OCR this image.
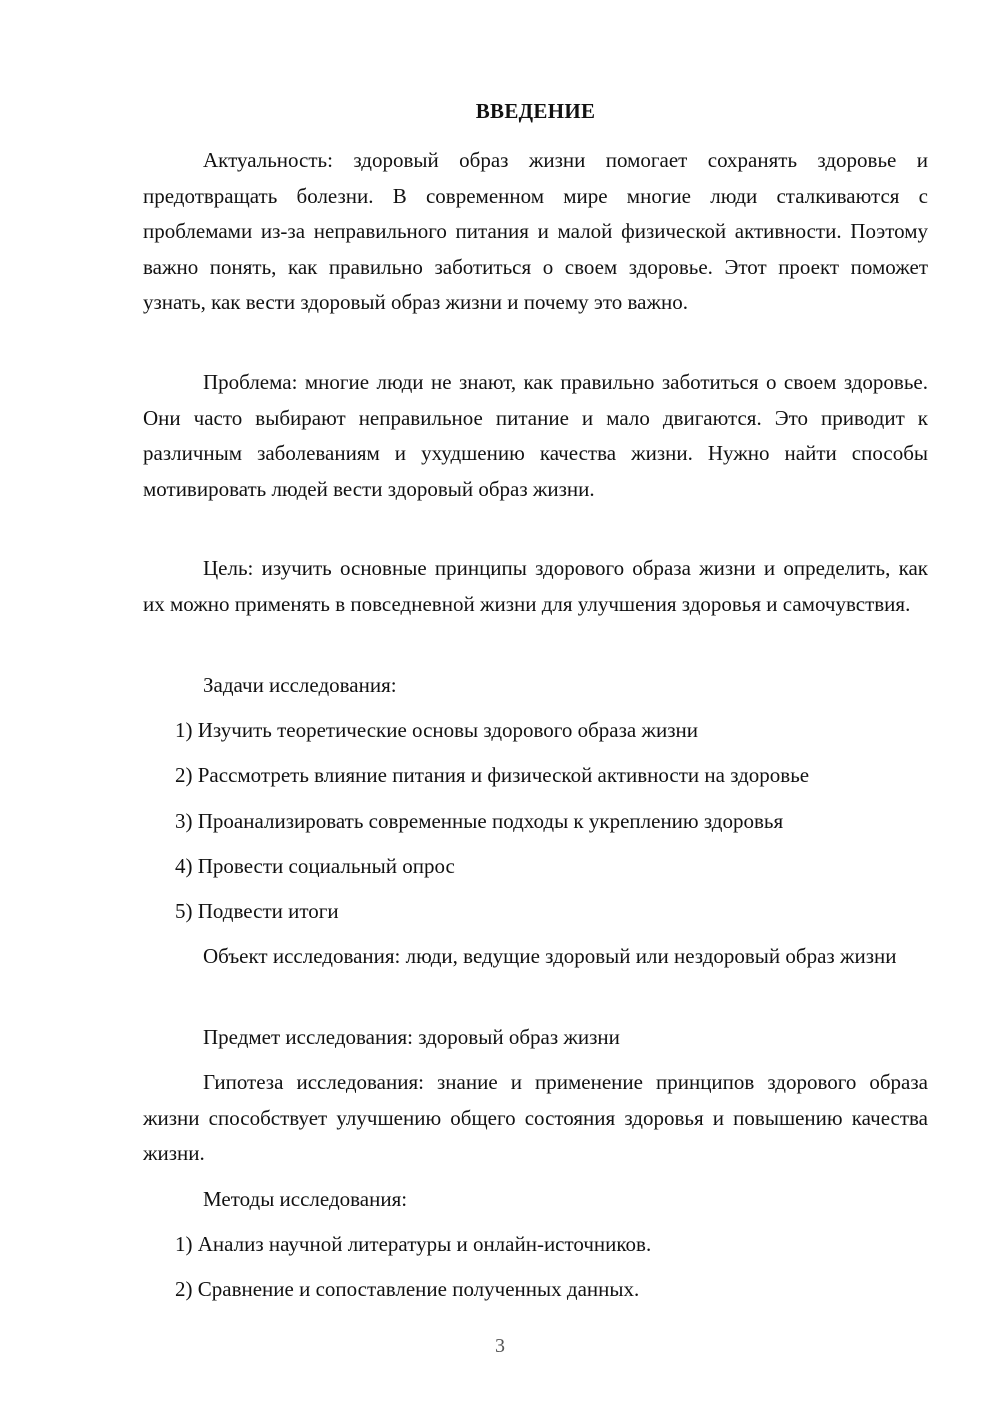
ВВЕДЕНИЕ

Актуальность: здоровый образ жизни помогает сохранять здоровье и предотвращать болезни. В современном мире многие люди сталкиваются с проблемами из-за неправильного питания и малой физической активности. Поэтому важно понять, как правильно заботиться о своем здоровье. Этот проект поможет узнать, как вести здоровый образ жизни и почему это важно.

Проблема: многие люди не знают, как правильно заботиться о своем здоровье. Они часто выбирают неправильное питание и мало двигаются. Это приводит к различным заболеваниям и ухудшению качества жизни. Нужно найти способы мотивировать людей вести здоровый образ жизни.

Цель: изучить основные принципы здорового образа жизни и определить, как их можно применять в повседневной жизни для улучшения здоровья и самочувствия.

Задачи исследования:

1) Изучить теоретические основы здорового образа жизни

2) Рассмотреть влияние питания и физической активности на здоровье

3) Проанализировать современные подходы к укреплению здоровья

4) Провести социальный опрос

5) Подвести итоги

Объект исследования: люди, ведущие здоровый или нездоровый образ жизни

Предмет исследования: здоровый образ жизни

Гипотеза исследования: знание и применение принципов здорового образа жизни способствует улучшению общего состояния здоровья и повышению качества жизни.

Методы исследования:

1) Анализ научной литературы и онлайн-источников.

2) Сравнение и сопоставление полученных данных.

3
